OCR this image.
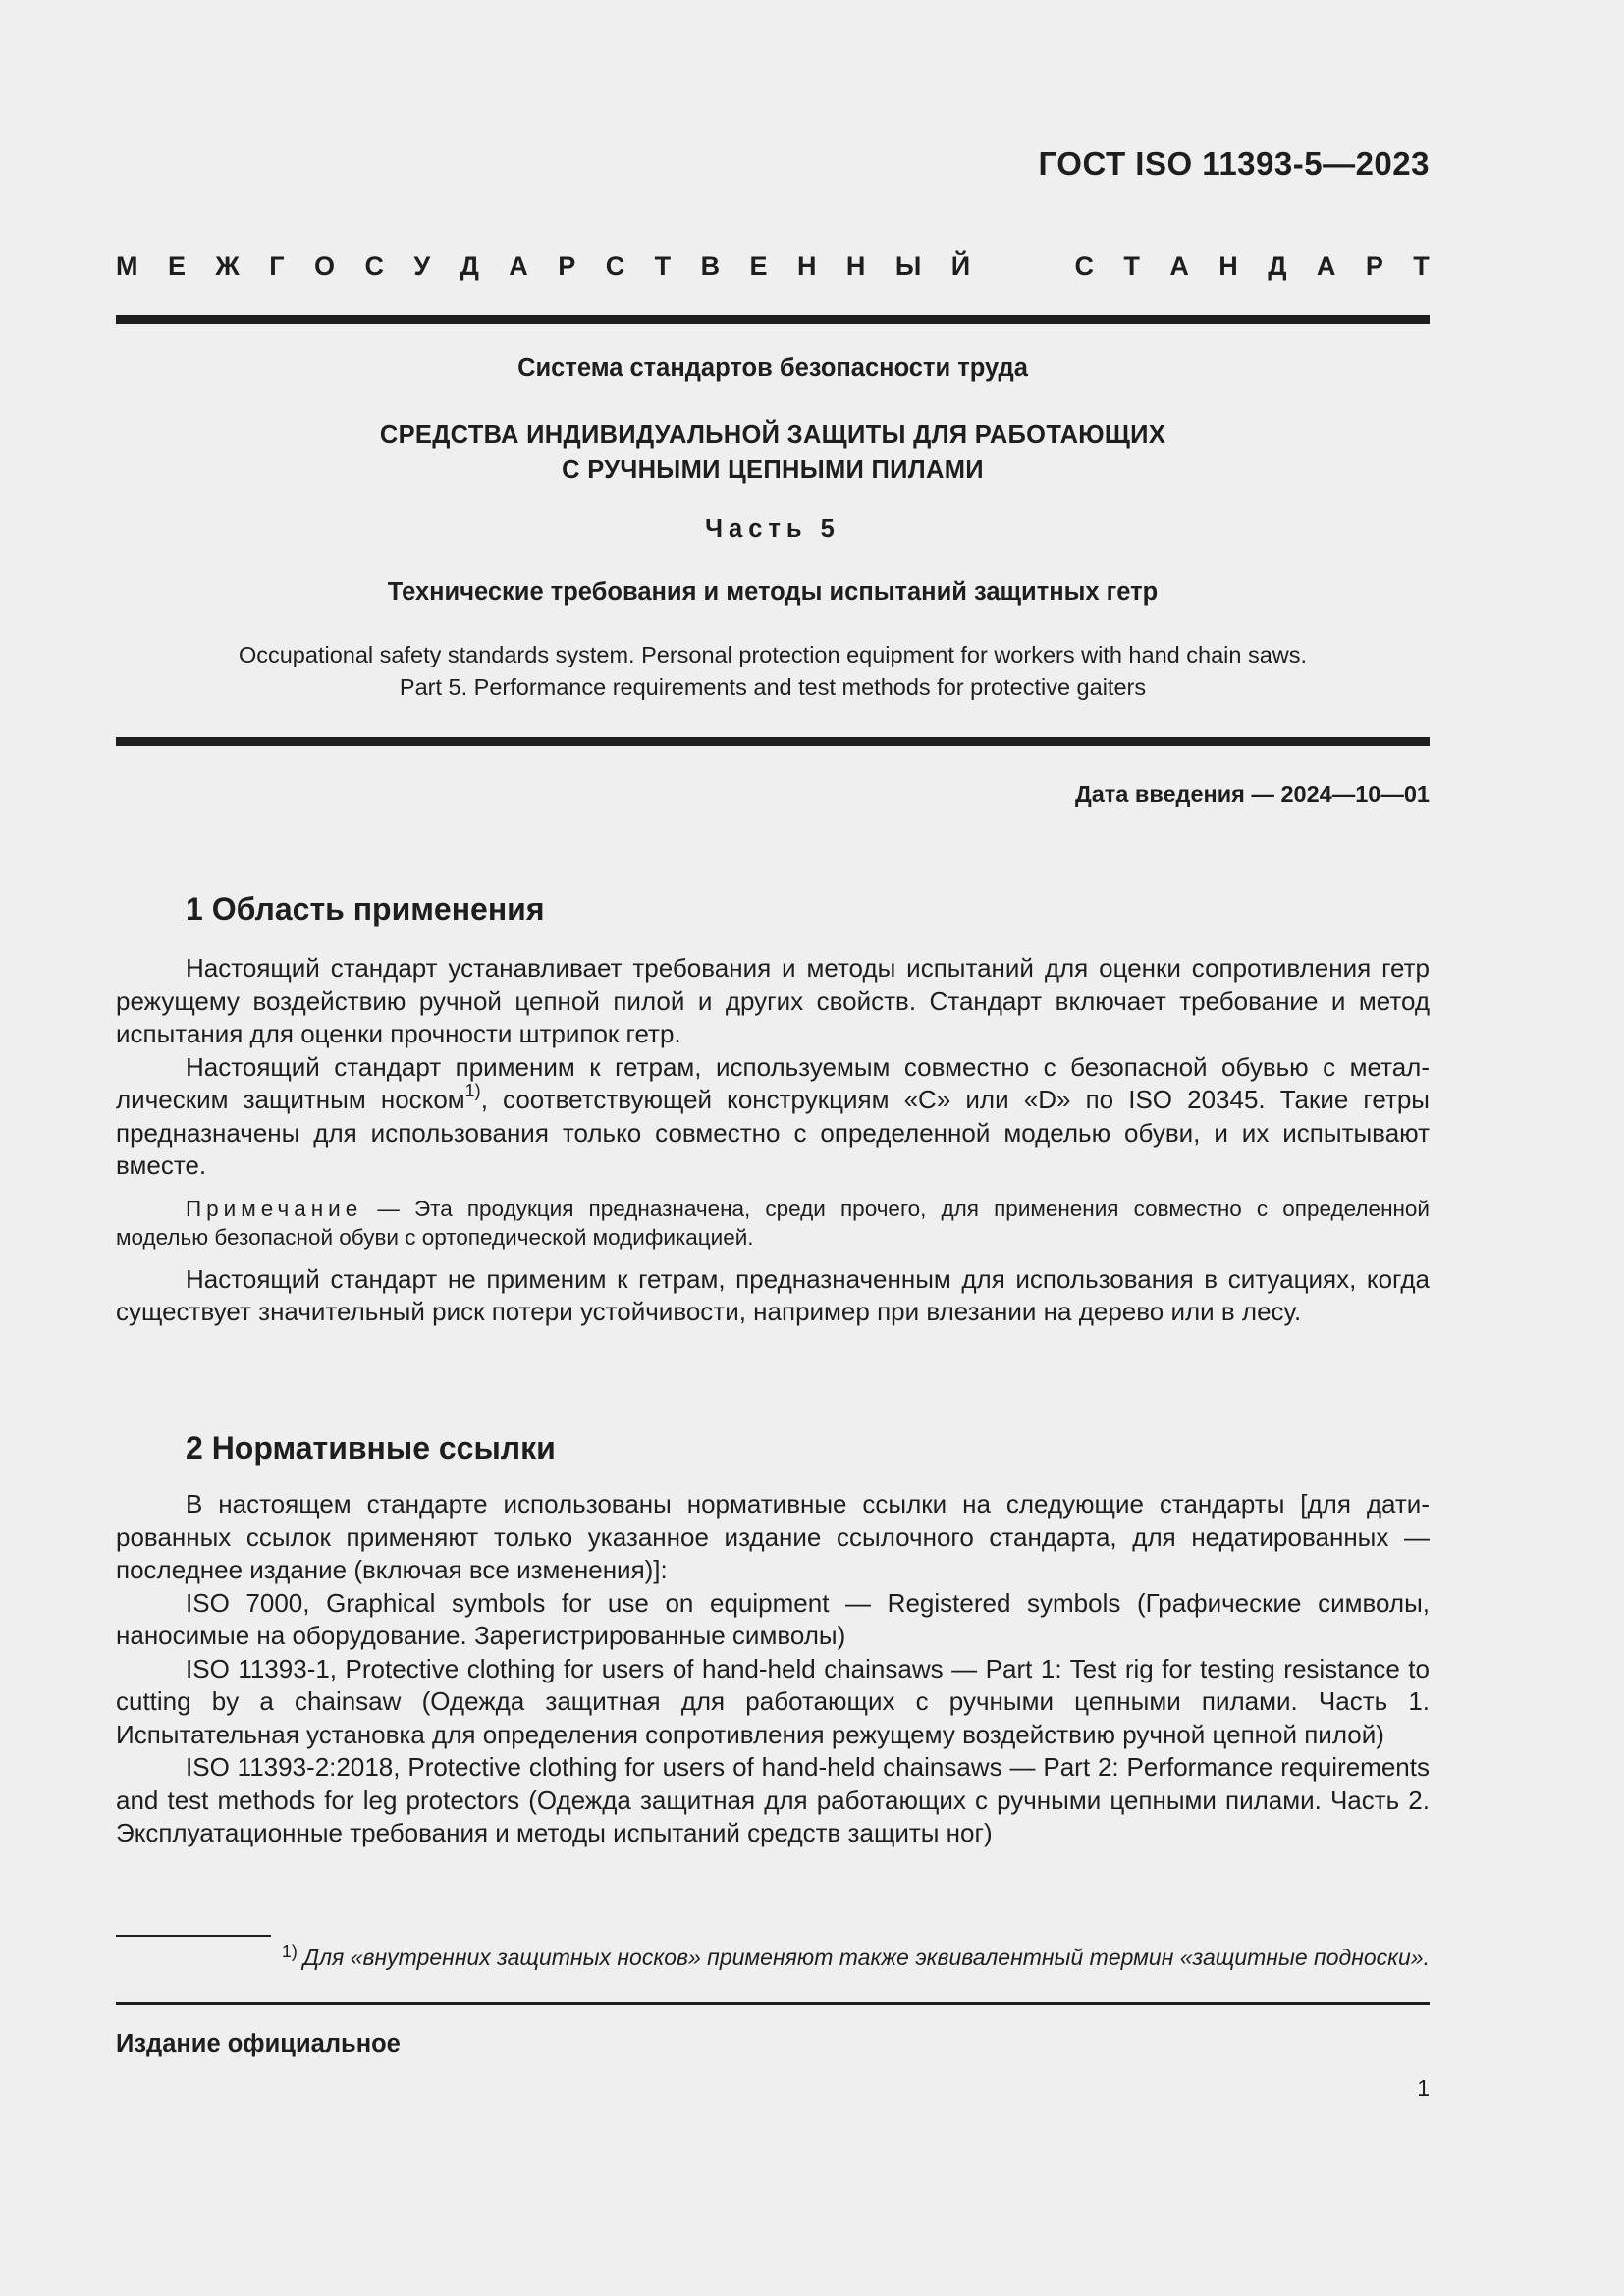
ГОСТ ISO 11393-5—2023
М Е Ж Г О С У Д А Р С Т В Е Н Н Ы Й

	С Т А Н Д А Р Т
Система стандартов безопасности труда
СРЕДСТВА ИНДИВИДУАЛЬНОЙ ЗАЩИТЫ ДЛЯ РАБОТАЮЩИХ
С РУЧНЫМИ ЦЕПНЫМИ ПИЛАМИ
Часть 5
Технические требования и методы испытаний защитных гетр
Occupational safety standards system. Personal protection equipment for workers with hand chain saws.
Part 5. Performance requirements and test methods for protective gaiters
Дата введения — 2024—10—01
1 Область применения

Настоящий стандарт устанавливает требования и методы испытаний для оценки сопротивления гетр режущему воздействию ручной цепной пилой и других свойств. Стандарт включает требование и метод испытания для оценки прочности штрипок гетр.

Настоящий стандарт применим к гетрам, используемым совместно с безопасной обувью с металлическим защитным носком$^{1)}$, соответствующей конструкциям «C» или «D» по ISO 20345. Такие гетры предназначены для использования только совместно с определенной моделью обуви, и их испытывают вместе.

Примечание — Эта продукция предназначена, среди прочего, для применения совместно с определенной моделью безопасной обуви с ортопедической модификацией.

Настоящий стандарт не применим к гетрам, предназначенным для использования в ситуациях, когда существует значительный риск потери устойчивости, например при влезании на дерево или в лесу.

2 Нормативные ссылки

В настоящем стандарте использованы нормативные ссылки на следующие стандарты [для датированных ссылок применяют только указанное издание ссылочного стандарта, для недатированных — последнее издание (включая все изменения)]:

ISO 7000, Graphical symbols for use on equipment — Registered symbols (Графические символы, наносимые на оборудование. Зарегистрированные символы)

ISO 11393-1, Protective clothing for users of hand-held chainsaws — Part 1: Test rig for testing resistance to cutting by a chainsaw (Одежда защитная для работающих с ручными цепными пилами. Часть 1. Испытательная установка для определения сопротивления режущему воздействию ручной цепной пилой)

ISO 11393-2:2018, Protective clothing for users of hand-held chainsaws — Part 2: Performance requirements and test methods for leg protectors (Одежда защитная для работающих с ручными цепными пилами. Часть 2. Эксплуатационные требования и методы испытаний средств защиты ног)

$^{1)}$ Для «внутренних защитных носков» применяют также эквивалентный термин «защитные подноски».
Издание официальное
1
